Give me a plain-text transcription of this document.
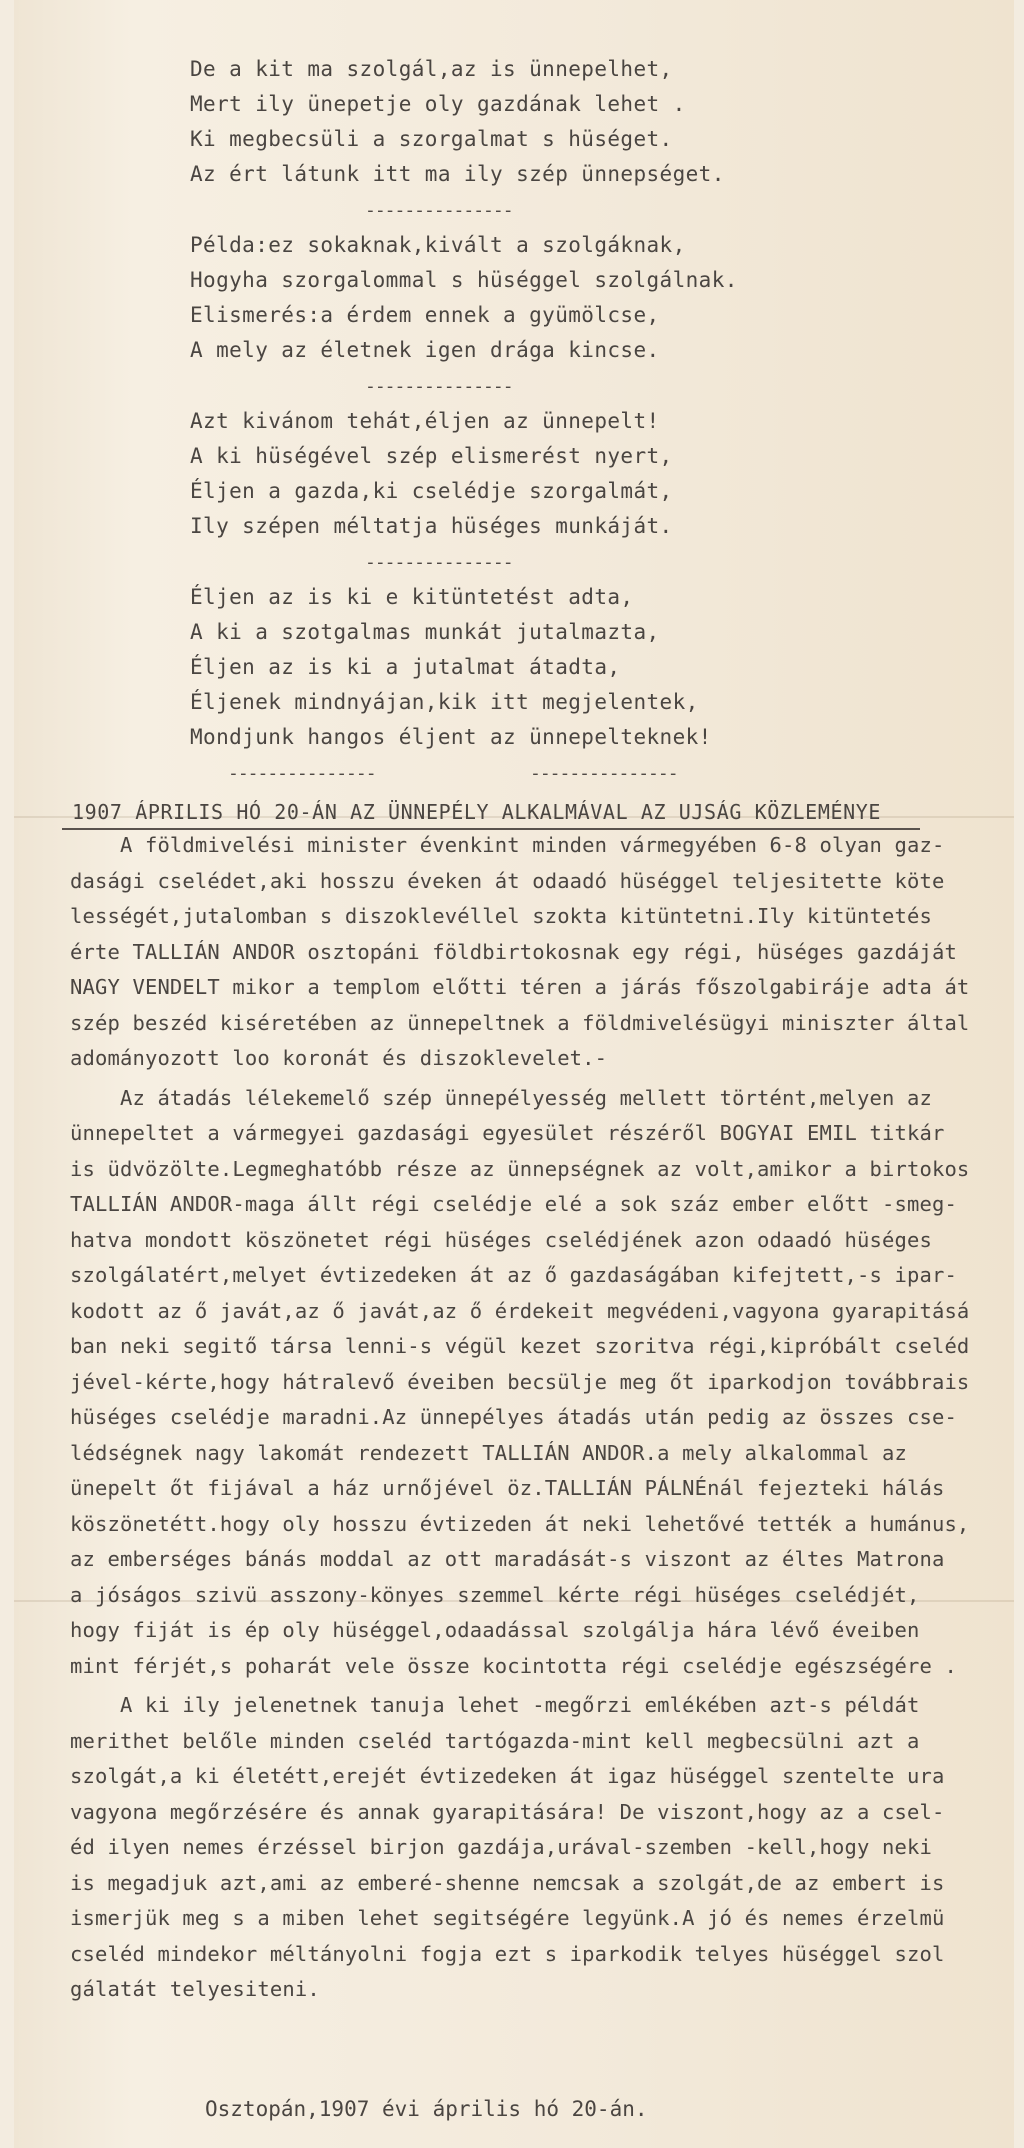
De a kit ma szolgál,az is ünnepelhet,
Mert ily ünepetje oly gazdának lehet .
Ki megbecsüli a szorgalmat s hüséget.
Az ért látunk itt ma ily szép ünnepséget.
---------------
Példa:ez sokaknak,kivált a szolgáknak,
Hogyha szorgalommal s hüséggel szolgálnak.
Elismerés:a érdem ennek a gyümölcse,
A mely az életnek igen drága kincse.
---------------
Azt kivánom tehát,éljen az ünnepelt!
A ki hüségével szép elismerést nyert,
Éljen a gazda,ki cselédje szorgalmát,
Ily szépen méltatja hüséges munkáját.
---------------
Éljen az is ki e kitüntetést adta,
A ki a szotgalmas munkát jutalmazta,
Éljen az is ki a jutalmat átadta,
Éljenek mindnyájan,kik itt megjelentek,
Mondjunk hangos éljent az ünnepelteknek!
---------------	---------------
1907 ÁPRILIS HÓ 20-ÁN AZ ÜNNEPÉLY ALKALMÁVAL AZ UJSÁG KÖZLEMÉNYE
A földmivelési minister évenkint minden vármegyében 6-8 olyan gaz-
dasági cselédet,aki hosszu éveken át odaadó hüséggel teljesitette köte
lességét,jutalomban s diszoklevéllel szokta kitüntetni.Ily kitüntetés
érte TALLIÁN ANDOR osztopáni földbirtokosnak egy régi, hüséges gazdáját
NAGY VENDELT mikor a templom előtti téren a járás főszolgabiráje adta át
szép beszéd kiséretében az ünnepeltnek a földmivelésügyi miniszter által
adományozott loo koronát és diszoklevelet.-
Az átadás lélekemelő szép ünnepélyesség mellett történt,melyen az
ünnepeltet a vármegyei gazdasági egyesület részéről BOGYAI EMIL titkár
is üdvözölte.Legmeghatóbb része az ünnepségnek az volt,amikor a birtokos
TALLIÁN ANDOR-maga állt régi cselédje elé a sok száz ember előtt -smeg-
hatva mondott köszönetet régi hüséges cselédjének azon odaadó hüséges
szolgálatért,melyet évtizedeken át az ő gazdaságában kifejtett,-s ipar-
kodott az ő javát,az ő javát,az ő érdekeit megvédeni,vagyona gyarapitásá
ban neki segitő társa lenni-s végül kezet szoritva régi,kipróbált cseléd
jével-kérte,hogy hátralevő éveiben becsülje meg őt iparkodjon továbbrais
hüséges cselédje maradni.Az ünnepélyes átadás után pedig az összes cse-
lédségnek nagy lakomát rendezett TALLIÁN ANDOR.a mely alkalommal az
ünepelt őt fijával a ház urnőjével öz.TALLIÁN PÁLNÉnál fejezteki hálás
köszönetétt.hogy oly hosszu évtizeden át neki lehetővé tették a humánus,
az emberséges bánás moddal az ott maradását-s viszont az éltes Matrona
a jóságos szivü asszony-könyes szemmel kérte régi hüséges cselédjét,
hogy fiját is ép oly hüséggel,odaadással szolgálja hára lévő éveiben
mint férjét,s poharát vele össze kocintotta régi cselédje egészségére .
A ki ily jelenetnek tanuja lehet -megőrzi emlékében azt-s példát
merithet belőle minden cseléd tartógazda-mint kell megbecsülni azt a
szolgát,a ki életétt,erejét évtizedeken át igaz hüséggel szentelte ura
vagyona megőrzésére és annak gyarapitására! De viszont,hogy az a csel-
éd ilyen nemes érzéssel birjon gazdája,urával-szemben -kell,hogy neki
is megadjuk azt,ami az emberé-shenne nemcsak a szolgát,de az embert is
ismerjük meg s a miben lehet segitségére legyünk.A jó és nemes érzelmü
cseléd mindekor méltányolni fogja ezt s iparkodik telyes hüséggel szol
gálatát telyesiteni.
Osztopán,1907 évi április hó 20-án.
